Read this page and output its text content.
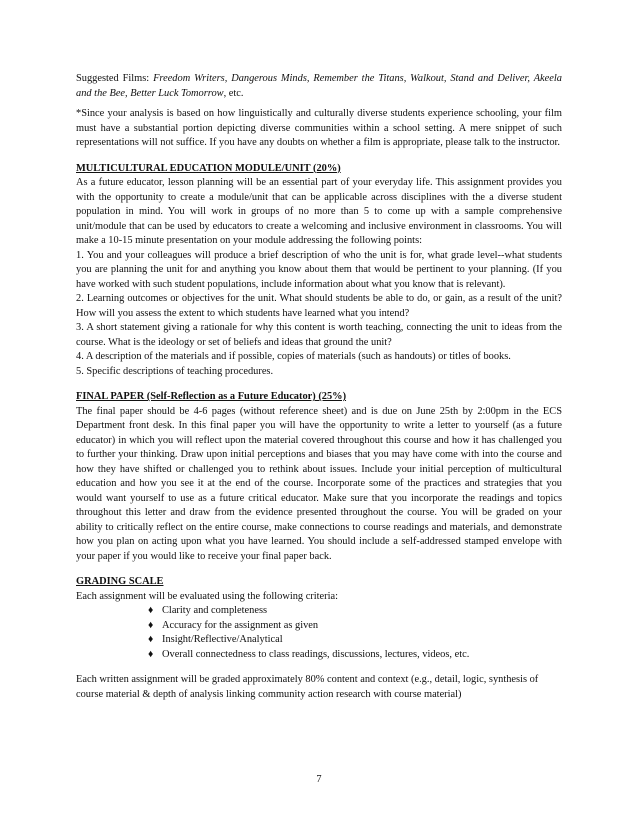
Suggested Films: Freedom Writers, Dangerous Minds, Remember the Titans, Walkout, Stand and Deliver, Akeela and the Bee, Better Luck Tomorrow, etc.

*Since your analysis is based on how linguistically and culturally diverse students experience schooling, your film must have a substantial portion depicting diverse communities within a school setting. A mere snippet of such representations will not suffice. If you have any doubts on whether a film is appropriate, please talk to the instructor.

MULTICULTURAL EDUCATION MODULE/UNIT (20%)

As a future educator, lesson planning will be an essential part of your everyday life. This assignment provides you with the opportunity to create a module/unit that can be applicable across disciplines with the a diverse student population in mind. You will work in groups of no more than 5 to come up with a sample comprehensive unit/module that can be used by educators to create a welcoming and inclusive environment in classrooms. You will make a 10-15 minute presentation on your module addressing the following points:

1. You and your colleagues will produce a brief description of who the unit is for, what grade level--what students you are planning the unit for and anything you know about them that would be pertinent to your planning. (If you have worked with such student populations, include information about what you know that is relevant).

2. Learning outcomes or objectives for the unit. What should students be able to do, or gain, as a result of the unit? How will you assess the extent to which students have learned what you intend?

3. A short statement giving a rationale for why this content is worth teaching, connecting the unit to ideas from the course. What is the ideology or set of beliefs and ideas that ground the unit?

4. A description of the materials and if possible, copies of materials (such as handouts) or titles of books.

5. Specific descriptions of teaching procedures.

FINAL PAPER (Self-Reflection as a Future Educator) (25%)

The final paper should be 4-6 pages (without reference sheet) and is due on June 25th by 2:00pm in the ECS Department front desk. In this final paper you will have the opportunity to write a letter to yourself (as a future educator) in which you will reflect upon the material covered throughout this course and how it has challenged you to further your thinking. Draw upon initial perceptions and biases that you may have come with into the course and how they have shifted or challenged you to rethink about issues. Include your initial perception of multicultural education and how you see it at the end of the course. Incorporate some of the practices and strategies that you would want yourself to use as a future critical educator. Make sure that you incorporate the readings and topics throughout this letter and draw from the evidence presented throughout the course. You will be graded on your ability to critically reflect on the entire course, make connections to course readings and materials, and demonstrate how you plan on acting upon what you have learned. You should include a self-addressed stamped envelope with your paper if you would like to receive your final paper back.

GRADING SCALE

Each assignment will be evaluated using the following criteria:

♦ Clarity and completeness
♦ Accuracy for the assignment as given
♦ Insight/Reflective/Analytical
♦ Overall connectedness to class readings, discussions, lectures, videos, etc.

Each written assignment will be graded approximately 80% content and context (e.g., detail, logic, synthesis of course material & depth of analysis linking community action research with course material)

7
